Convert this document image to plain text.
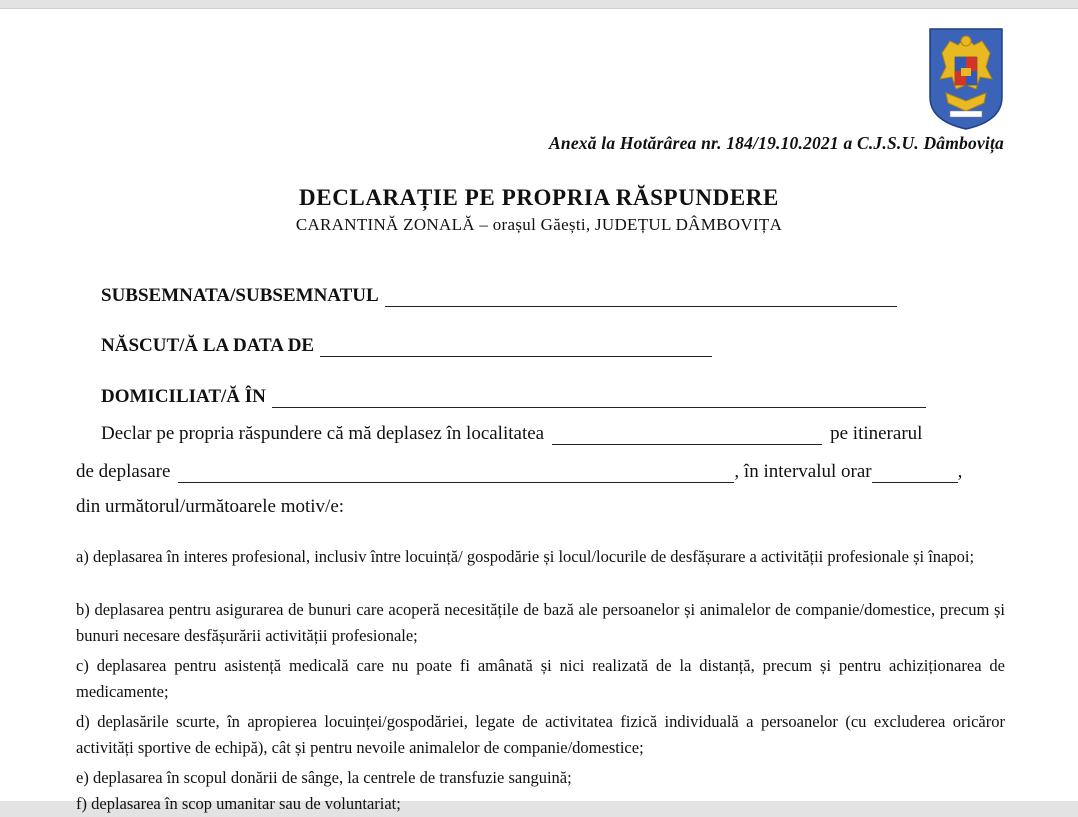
Anexă la Hotărârea nr. 184/19.10.2021 a C.J.S.U. Dâmbovița
DECLARAȚIE PE PROPRIA RĂSPUNDERE
CARANTINĂ ZONALĂ – orașul Găești, JUDEȚUL DÂMBOVIȚA
SUBSEMNATA/SUBSEMNATUL
NĂSCUT/Ă LA DATA DE
DOMICILIAT/Ă ÎN
Declar pe propria răspundere că mă deplasez în localitatea	pe itinerarul
de deplasare	, în intervalul orar	,
din următorul/următoarele motiv/e:
a) deplasarea în interes profesional, inclusiv între locuință/ gospodărie și locul/locurile de desfășurare a activității profesionale și înapoi;
b) deplasarea pentru asigurarea de bunuri care acoperă necesitățile de bază ale persoanelor și animalelor de companie/domestice, precum și bunuri necesare desfășurării activității profesionale;
c) deplasarea pentru asistență medicală care nu poate fi amânată și nici realizată de la distanță, precum și pentru achiziționarea de medicamente;
d) deplasările scurte, în apropierea locuinței/gospodăriei, legate de activitatea fizică individuală a persoanelor (cu excluderea oricăror activități sportive de echipă), cât și pentru nevoile animalelor de companie/domestice;
e) deplasarea în scopul donării de sânge, la centrele de transfuzie sanguină;
f) deplasarea în scop umanitar sau de voluntariat;
